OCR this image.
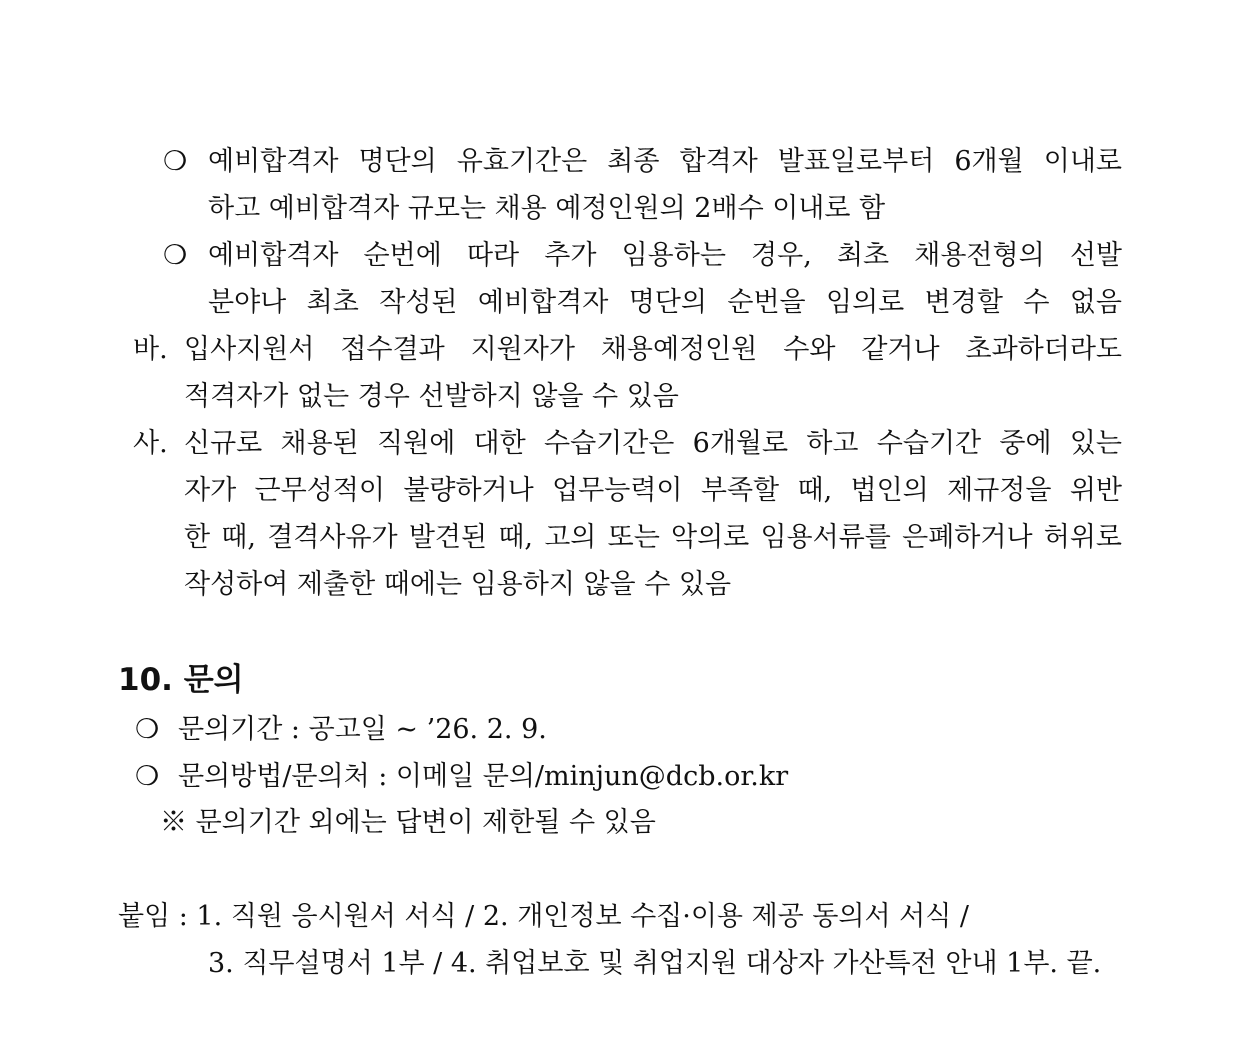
❍ 예비합격자 명단의 유효기간은 최종 합격자 발표일로부터 6개월 이내로
하고 예비합격자 규모는 채용 예정인원의 2배수 이내로 함
❍ 예비합격자 순번에 따라 추가 임용하는 경우, 최초 채용전형의 선발
분야나 최초 작성된 예비합격자 명단의 순번을 임의로 변경할 수 없음
바. 입사지원서 접수결과 지원자가 채용예정인원 수와 같거나 초과하더라도
적격자가 없는 경우 선발하지 않을 수 있음
사. 신규로 채용된 직원에 대한 수습기간은 6개월로 하고 수습기간 중에 있는
자가 근무성적이 불량하거나 업무능력이 부족할 때, 법인의 제규정을 위반
한 때, 결격사유가 발견된 때, 고의 또는 악의로 임용서류를 은폐하거나 허위로
작성하여 제출한 때에는 임용하지 않을 수 있음
10. 문의
❍ 문의기간 : 공고일 ~ ’26. 2. 9.
❍ 문의방법/문의처 : 이메일 문의/minjun@dcb.or.kr
※ 문의기간 외에는 답변이 제한될 수 있음
붙임 : 1. 직원 응시원서 서식 / 2. 개인정보 수집·이용 제공 동의서 서식 /
3. 직무설명서 1부 / 4. 취업보호 및 취업지원 대상자 가산특전 안내 1부. 끝.
